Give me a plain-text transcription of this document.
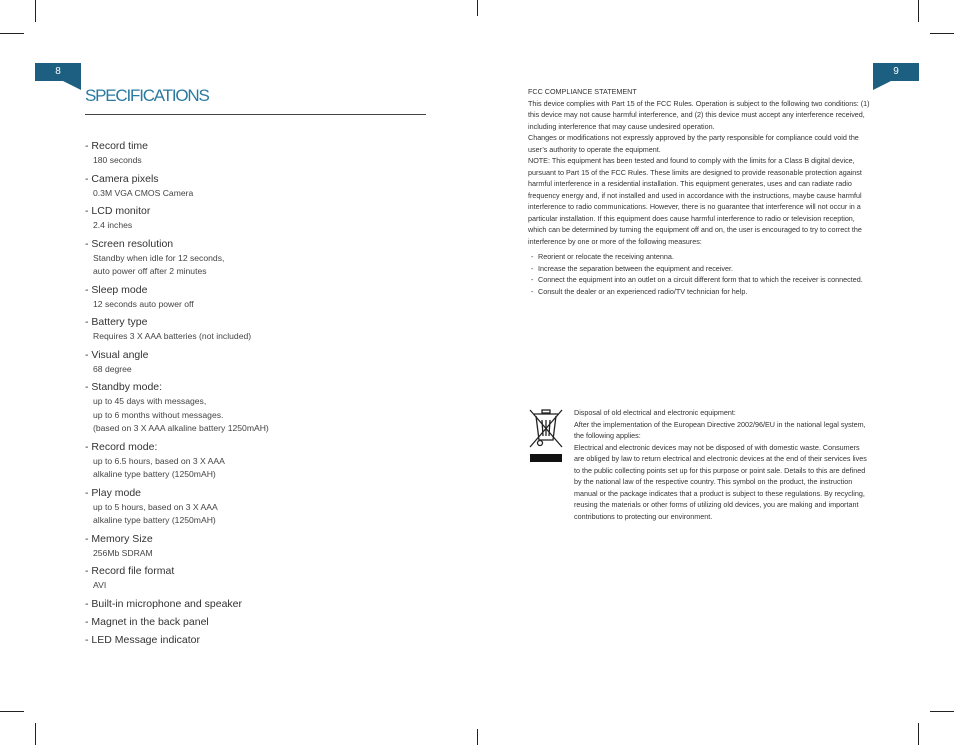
8	9
SPECIFICATIONS
- Record time
180 seconds
- Camera pixels
0.3M VGA CMOS Camera
- LCD monitor
2.4 inches
- Screen resolution
Standby when idle for 12 seconds,
auto power off after 2 minutes
- Sleep mode
12 seconds auto power off
- Battery type
Requires 3 X AAA batteries (not included)
- Visual angle
68 degree
- Standby mode:
up to 45 days with messages,
up to 6 months without messages.
(based on 3 X AAA alkaline battery 1250mAH)
- Record mode:
up to 6.5 hours, based on 3 X AAA
alkaline type battery (1250mAH)
- Play mode
up to 5 hours, based on 3 X AAA
alkaline type battery (1250mAH)
- Memory Size
256Mb SDRAM
- Record file format
AVI
- Built-in microphone and speaker
- Magnet in the back panel
- LED Message indicator

FCC COMPLIANCE STATEMENT

This device complies with Part 15 of the FCC Rules. Operation is subject to the following two conditions: (1) this device may not cause harmful interference, and (2) this device must accept any interference received, including interference that may cause undesired operation.

Changes or modifications not expressly approved by the party responsible for compliance could void the user’s authority to operate the equipment.

NOTE: This equipment has been tested and found to comply with the limits for a Class B digital device, pursuant to Part 15 of the FCC Rules. These limits are designed to provide reasonable protection against harmful interference in a residential installation. This equipment generates, uses and can radiate radio frequency energy and, if not installed and used in accordance with the instructions, maybe cause harmful interference to radio communications. However, there is no guarantee that interference will not occur in a particular installation. If this equipment does cause harmful interference to radio or television reception, which can be determined by turning the equipment off and on, the user is encouraged to try to correct the interference by one or more of the following measures:

- Reorient or relocate the receiving antenna.
- Increase the separation between the equipment and receiver.
- Connect the equipment into an outlet on a circuit different form that to which the receiver is connected.
- Consult the dealer or an experienced radio/TV technician for help.

Disposal of old electrical and electronic equipment:

After the implementation of the European Directive 2002/96/EU in the national legal system, the following applies:

Electrical and electronic devices may not be disposed of with domestic waste. Consumers are obliged by law to return electrical and electronic devices at the end of their services lives to the public collecting points set up for this purpose or point sale. Details to this are defined by the national law of the respective country. This symbol on the product, the instruction manual or the package indicates that a product is subject to these regulations. By recycling, reusing the materials or other forms of utilizing old devices, you are making and important contributions to protecting our environment.
